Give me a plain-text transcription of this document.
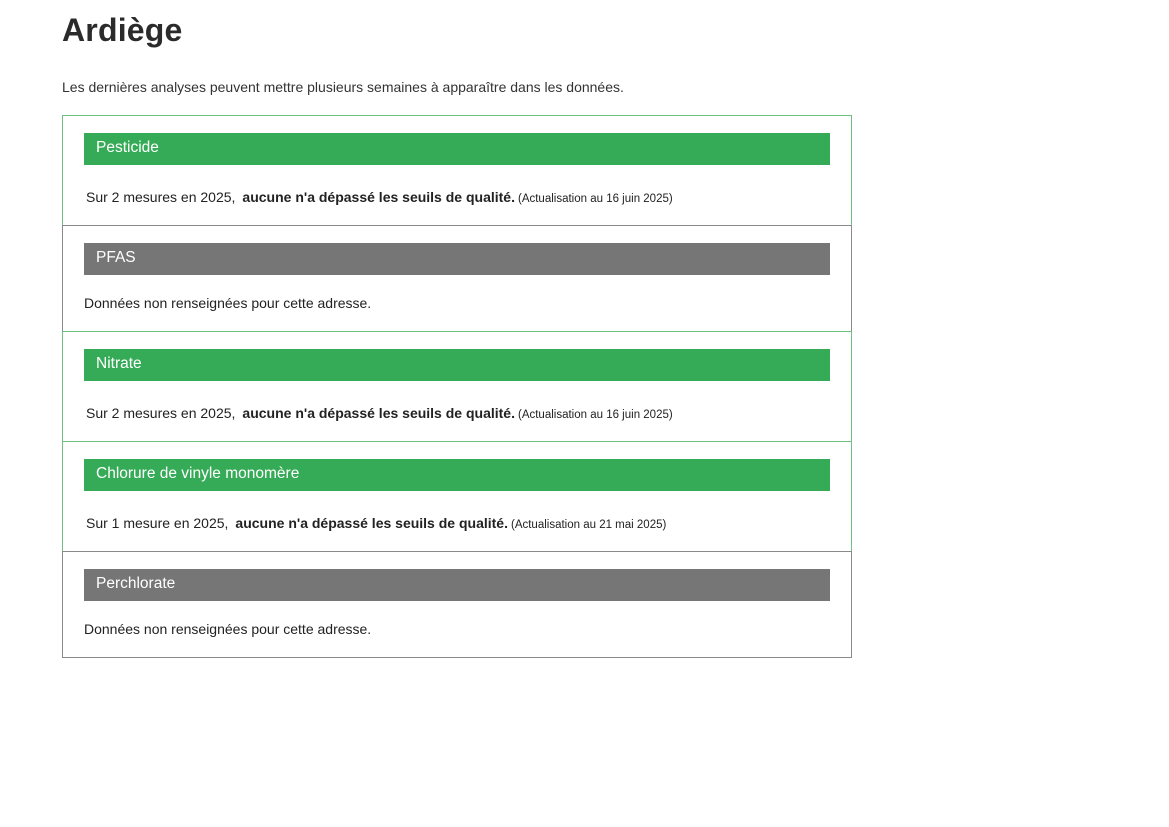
Ardiège

Les dernières analyses peuvent mettre plusieurs semaines à apparaître dans les données.

Pesticide
Sur 2 mesures en 2025, aucune n'a dépassé les seuils de qualité. (Actualisation au 16 juin 2025)
PFAS
Données non renseignées pour cette adresse.
Nitrate
Sur 2 mesures en 2025, aucune n'a dépassé les seuils de qualité. (Actualisation au 16 juin 2025)
Chlorure de vinyle monomère
Sur 1 mesure en 2025, aucune n'a dépassé les seuils de qualité. (Actualisation au 21 mai 2025)
Perchlorate
Données non renseignées pour cette adresse.
